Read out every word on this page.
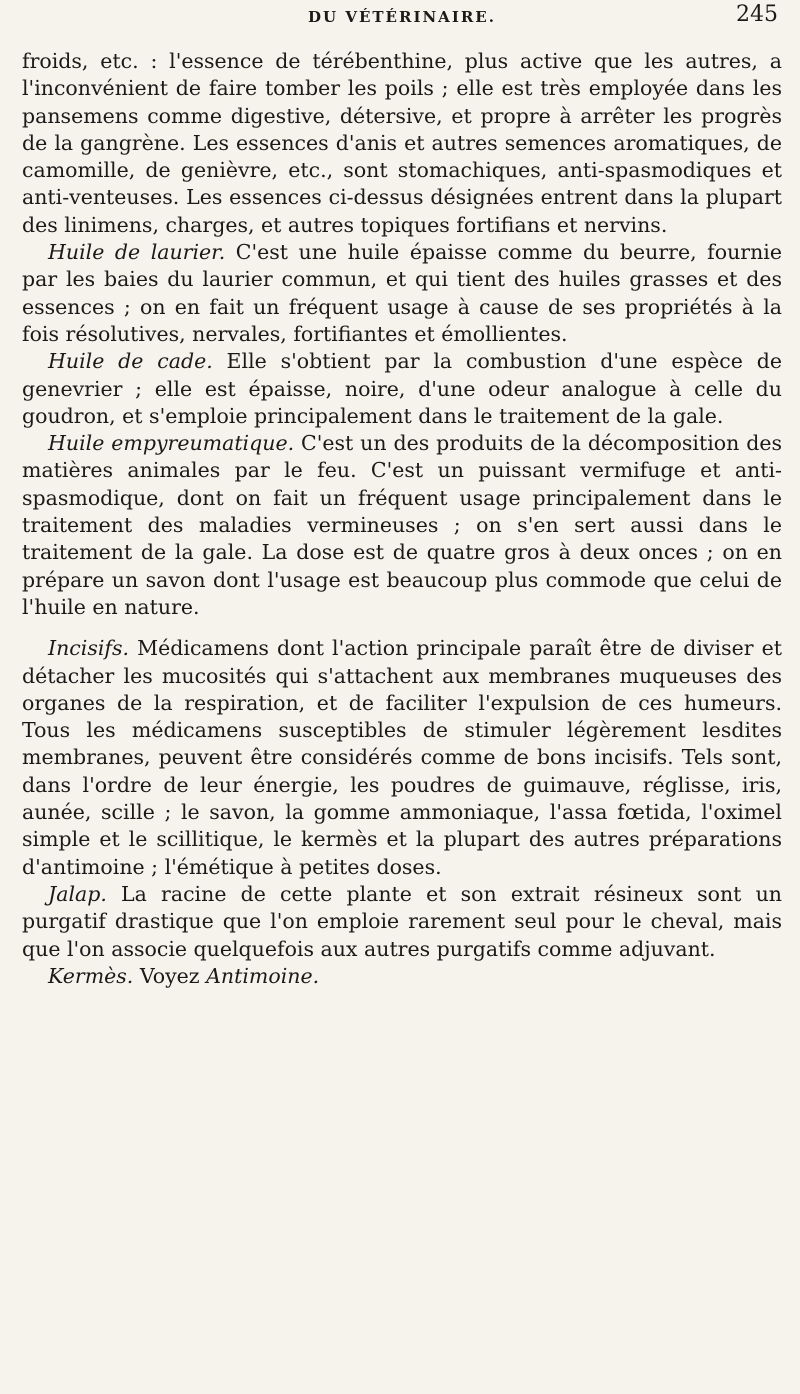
DU VÉTÉRINAIRE.	245

froids, etc. : l'essence de térébenthine, plus active que les autres, a l'inconvénient de faire tomber les poils ; elle est très employée dans les pansemens comme digestive, détersive, et propre à arrêter les progrès de la gangrène. Les essences d'anis et autres semences aromatiques, de camomille, de genièvre, etc., sont stomachiques, anti-spasmodiques et anti-venteuses. Les essences ci-dessus désignées entrent dans la plupart des linimens, charges, et autres topiques fortifians et nervins.

Huile de laurier. C'est une huile épaisse comme du beurre, fournie par les baies du laurier commun, et qui tient des huiles grasses et des essences ; on en fait un fréquent usage à cause de ses propriétés à la fois résolutives, nervales, fortifiantes et émollientes.

Huile de cade. Elle s'obtient par la combustion d'une espèce de genevrier ; elle est épaisse, noire, d'une odeur analogue à celle du goudron, et s'emploie principalement dans le traitement de la gale.

Huile empyreumatique. C'est un des produits de la décomposition des matières animales par le feu. C'est un puissant vermifuge et anti-spasmodique, dont on fait un fréquent usage principalement dans le traitement des maladies vermineuses ; on s'en sert aussi dans le traitement de la gale. La dose est de quatre gros à deux onces ; on en prépare un savon dont l'usage est beaucoup plus commode que celui de l'huile en nature.

Incisifs. Médicamens dont l'action principale paraît être de diviser et détacher les mucosités qui s'attachent aux membranes muqueuses des organes de la respiration, et de faciliter l'expulsion de ces humeurs. Tous les médicamens susceptibles de stimuler légèrement lesdites membranes, peuvent être considérés comme de bons incisifs. Tels sont, dans l'ordre de leur énergie, les poudres de guimauve, réglisse, iris, aunée, scille ; le savon, la gomme ammoniaque, l'assa fœtida, l'oximel simple et le scillitique, le kermès et la plupart des autres préparations d'antimoine ; l'émétique à petites doses.

Jalap. La racine de cette plante et son extrait résineux sont un purgatif drastique que l'on emploie rarement seul pour le cheval, mais que l'on associe quelquefois aux autres purgatifs comme adjuvant.

Kermès. Voyez Antimoine.
